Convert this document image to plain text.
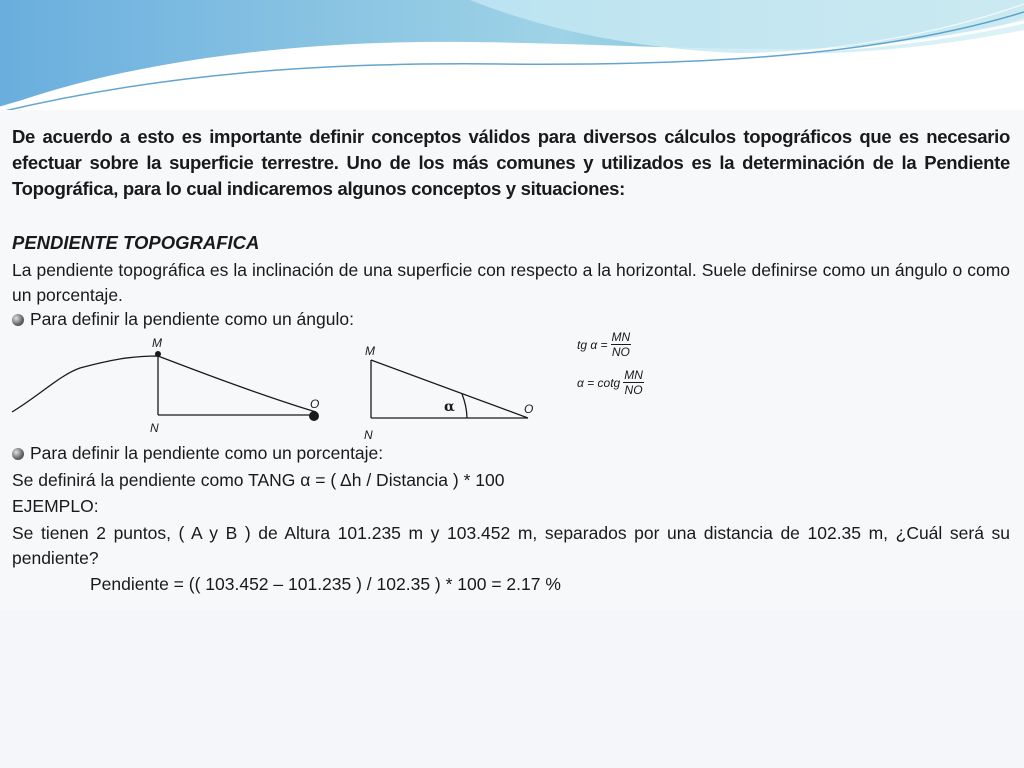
De acuerdo a esto es importante definir conceptos válidos para diversos cálculos topográficos que es necesario efectuar sobre la superficie terrestre. Uno de los más comunes y utilizados es la determinación de la Pendiente Topográfica, para lo cual indicaremos algunos conceptos y situaciones:
PENDIENTE TOPOGRAFICA
La pendiente topográfica es la inclinación de una superficie con respecto a la horizontal. Suele definirse como un ángulo o como un porcentaje.
Para definir la pendiente como un ángulo:
M
N
O
M
N
O
α
tg $\alpha = \frac{MN}{NO}$
α = cotg $\frac{MN}{NO}$
Para definir la pendiente como un porcentaje:
Se definirá la pendiente como TANG α = ( Δh / Distancia ) * 100
EJEMPLO:
Se tienen 2 puntos, ( A y B ) de Altura 101.235 m y 103.452 m, separados por una distancia de 102.35 m, ¿Cuál será su pendiente?
Pendiente = (( 103.452 – 101.235 ) / 102.35 ) * 100 = 2.17 %
